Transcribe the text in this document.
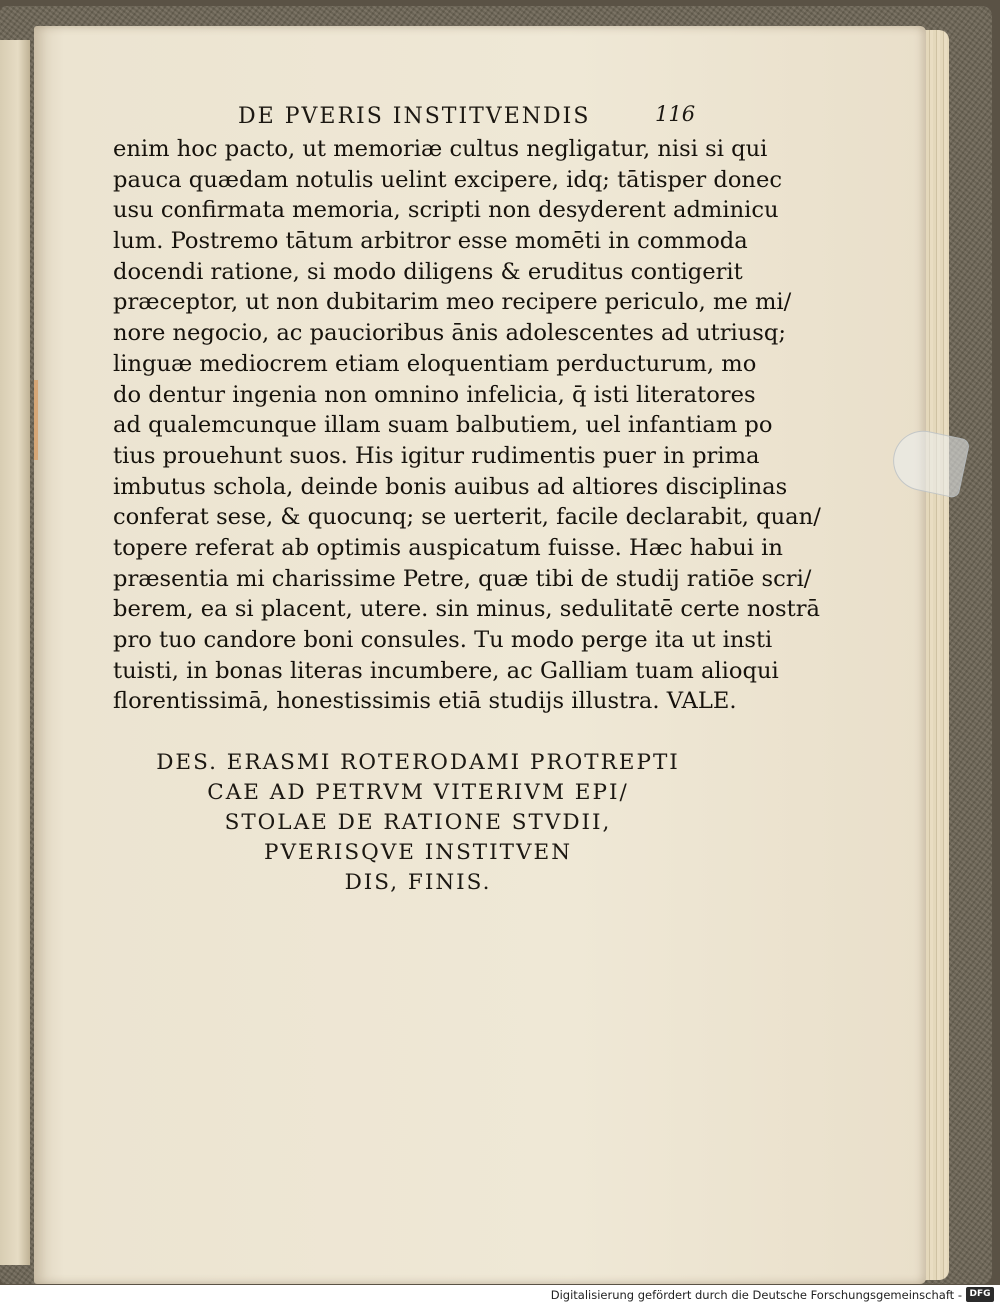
DE PVERIS INSTITVENDIS	116
enim hoc pacto, ut memoriæ cultus negligatur, nisi si qui
pauca quædam notulis uelint excipere, idq; tātisper donec
usu confirmata memoria, scripti non desyderent adminicu
lum. Postremo tātum arbitror esse momēti in commoda
docendi ratione, si modo diligens & eruditus contigerit
præceptor, ut non dubitarim meo recipere periculo, me mi/
nore negocio, ac paucioribus ānis adolescentes ad utriusq;
linguæ mediocrem etiam eloquentiam perducturum, mo
do dentur ingenia non omnino infelicia, q̄ isti literatores
ad qualemcunque illam suam balbutiem, uel infantiam po
tius prouehunt suos. His igitur rudimentis puer in prima
imbutus schola, deinde bonis auibus ad altiores disciplinas
conferat sese, & quocunq; se uerterit, facile declarabit, quan/
topere referat ab optimis auspicatum fuisse. Hæc habui in
præsentia mi charissime Petre, quæ tibi de studij ratiōe scri/
berem, ea si placent, utere. sin minus, sedulitatē certe nostrā
pro tuo candore boni consules. Tu modo perge ita ut insti
tuisti, in bonas literas incumbere, ac Galliam tuam alioqui
florentissimā, honestissimis etiā studijs illustra. VALE.
DES. ERASMI ROTERODAMI PROTREPTI
CAE AD PETRVM VITERIVM EPI/
STOLAE DE RATIONE STVDII,
PVERISQVE INSTITVEN
DIS, FINIS.
Digitalisierung gefördert durch die Deutsche Forschungsgemeinschaft - DFG
